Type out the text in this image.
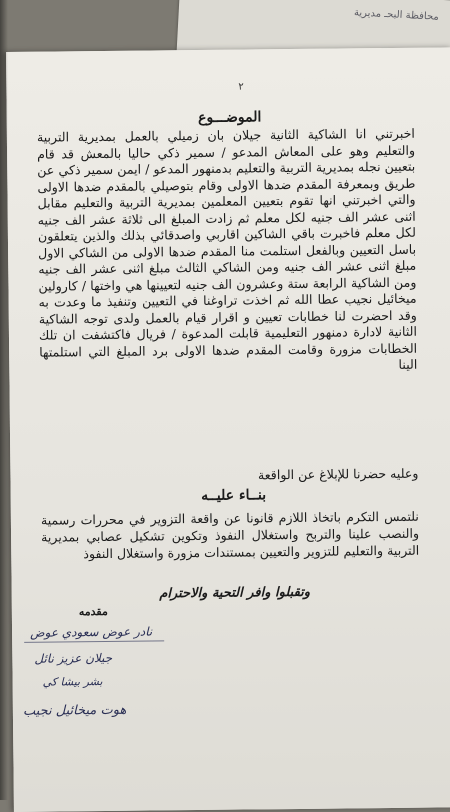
محافظة البحـ مديرية
٢
الموضـــوع
اخبرتني انا الشاكية الثانية جيلان بان زميلي بالعمل بمديرية التربية والتعليم وهو على المعاش المدعو / سمير ذكي حاليا بالمعش قد قام بتعيين نجله بمديرية التربية والتعليم بدمنهور المدعو / ايمن سمير ذكي عن طريق وبمعرفة المقدم ضدها الاولى وقام بتوصيلي بالمقدم ضدها الاولى والتي اخبرتني انها تقوم بتعيين المعلمين بمديرية التربية والتعليم مقابل اثنى عشر الف جنيه لكل معلم ثم زادت المبلغ الى ثلاثة عشر الف جنيه لكل معلم فاخبرت باقي الشاكين اقاربي واصدقائي بذلك والذين يتعلقون باسل التعيين وبالفعل استلمت منا المقدم ضدها الاولى من الشاكي الاول مبلغ اثنى عشر الف جنيه ومن الشاكي الثالث مبلغ اثنى عشر الف جنيه ومن الشاكية الرابعة ستة وعشرون الف جنيه لتعيينها هي واختها / كارولين ميخائيل نجيب عطا الله ثم اخذت تراوغنا في التعيين وتنفيذ ما وعدت به وقد احضرت لنا خطابات تعيين و اقرار قيام بالعمل ولدى توجه الشاكية الثانية لادارة دمنهور التعليمية قابلت المدعوة / فريال فاكتشفت ان تلك الخطابات مزورة وقامت المقدم ضدها الاولى برد المبلغ التي استلمتها الينا
وعليه حضرنا للإبلاغ عن الواقعة
بنــاء عليــه
نلتمس التكرم باتخاذ اللازم قانونا عن واقعة التزوير في محررات رسمية والنصب علينا والتربح واستغلال النفوذ وتكوين تشكيل عصابي بمديرية التربية والتعليم للتزوير والتعيين بمستندات مزورة واستغلال النفوذ
وتقبلوا وافر التحية والاحترام
مقدمه
نادر عوض سعودي عوض
جيلان عزيز نائل
بشر بيشا كي
هوت ميخائيل نجيب
